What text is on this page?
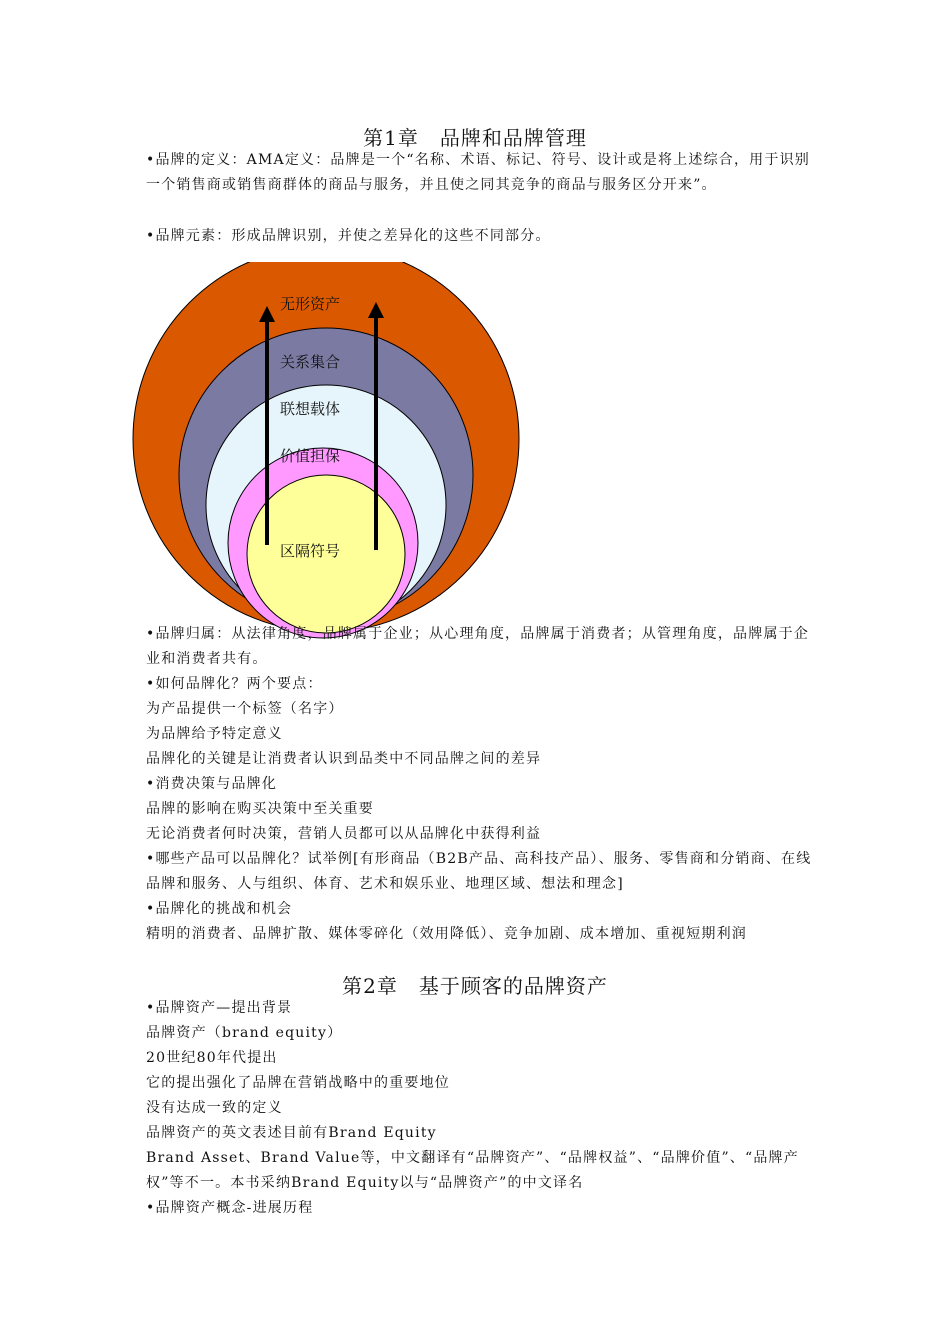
第1章　品牌和品牌管理
•品牌的定义：AMA定义：品牌是一个“名称、术语、标记、符号、设计或是将上述综合，用于识别一个销售商或销售商群体的商品与服务，并且使之同其竞争的商品与服务区分开来”。
•品牌元素：形成品牌识别，并使之差异化的这些不同部分。
无形资产
关系集合
联想载体
价值担保
区隔符号
•品牌归属：从法律角度，品牌属于企业；从心理角度，品牌属于消费者；从管理角度，品牌属于企业和消费者共有。
•如何品牌化？两个要点：
为产品提供一个标签（名字）
为品牌给予特定意义
品牌化的关键是让消费者认识到品类中不同品牌之间的差异
•消费决策与品牌化
品牌的影响在购买决策中至关重要
无论消费者何时决策，营销人员都可以从品牌化中获得利益
•哪些产品可以品牌化？试举例[有形商品（B2B产品、高科技产品）、服务、零售商和分销商、在线品牌和服务、人与组织、体育、艺术和娱乐业、地理区域、想法和理念]
•品牌化的挑战和机会
精明的消费者、品牌扩散、媒体零碎化（效用降低）、竞争加剧、成本增加、重视短期利润
第2章　基于顾客的品牌资产
•品牌资产—提出背景
品牌资产（brand equity）
20世纪80年代提出
它的提出强化了品牌在营销战略中的重要地位
没有达成一致的定义
品牌资产的英文表述目前有Brand Equity
Brand Asset、Brand Value等，中文翻译有“品牌资产”、“品牌权益”、“品牌价值”、“品牌产权”等不一。本书采纳Brand Equity以与“品牌资产”的中文译名
•品牌资产概念-进展历程
